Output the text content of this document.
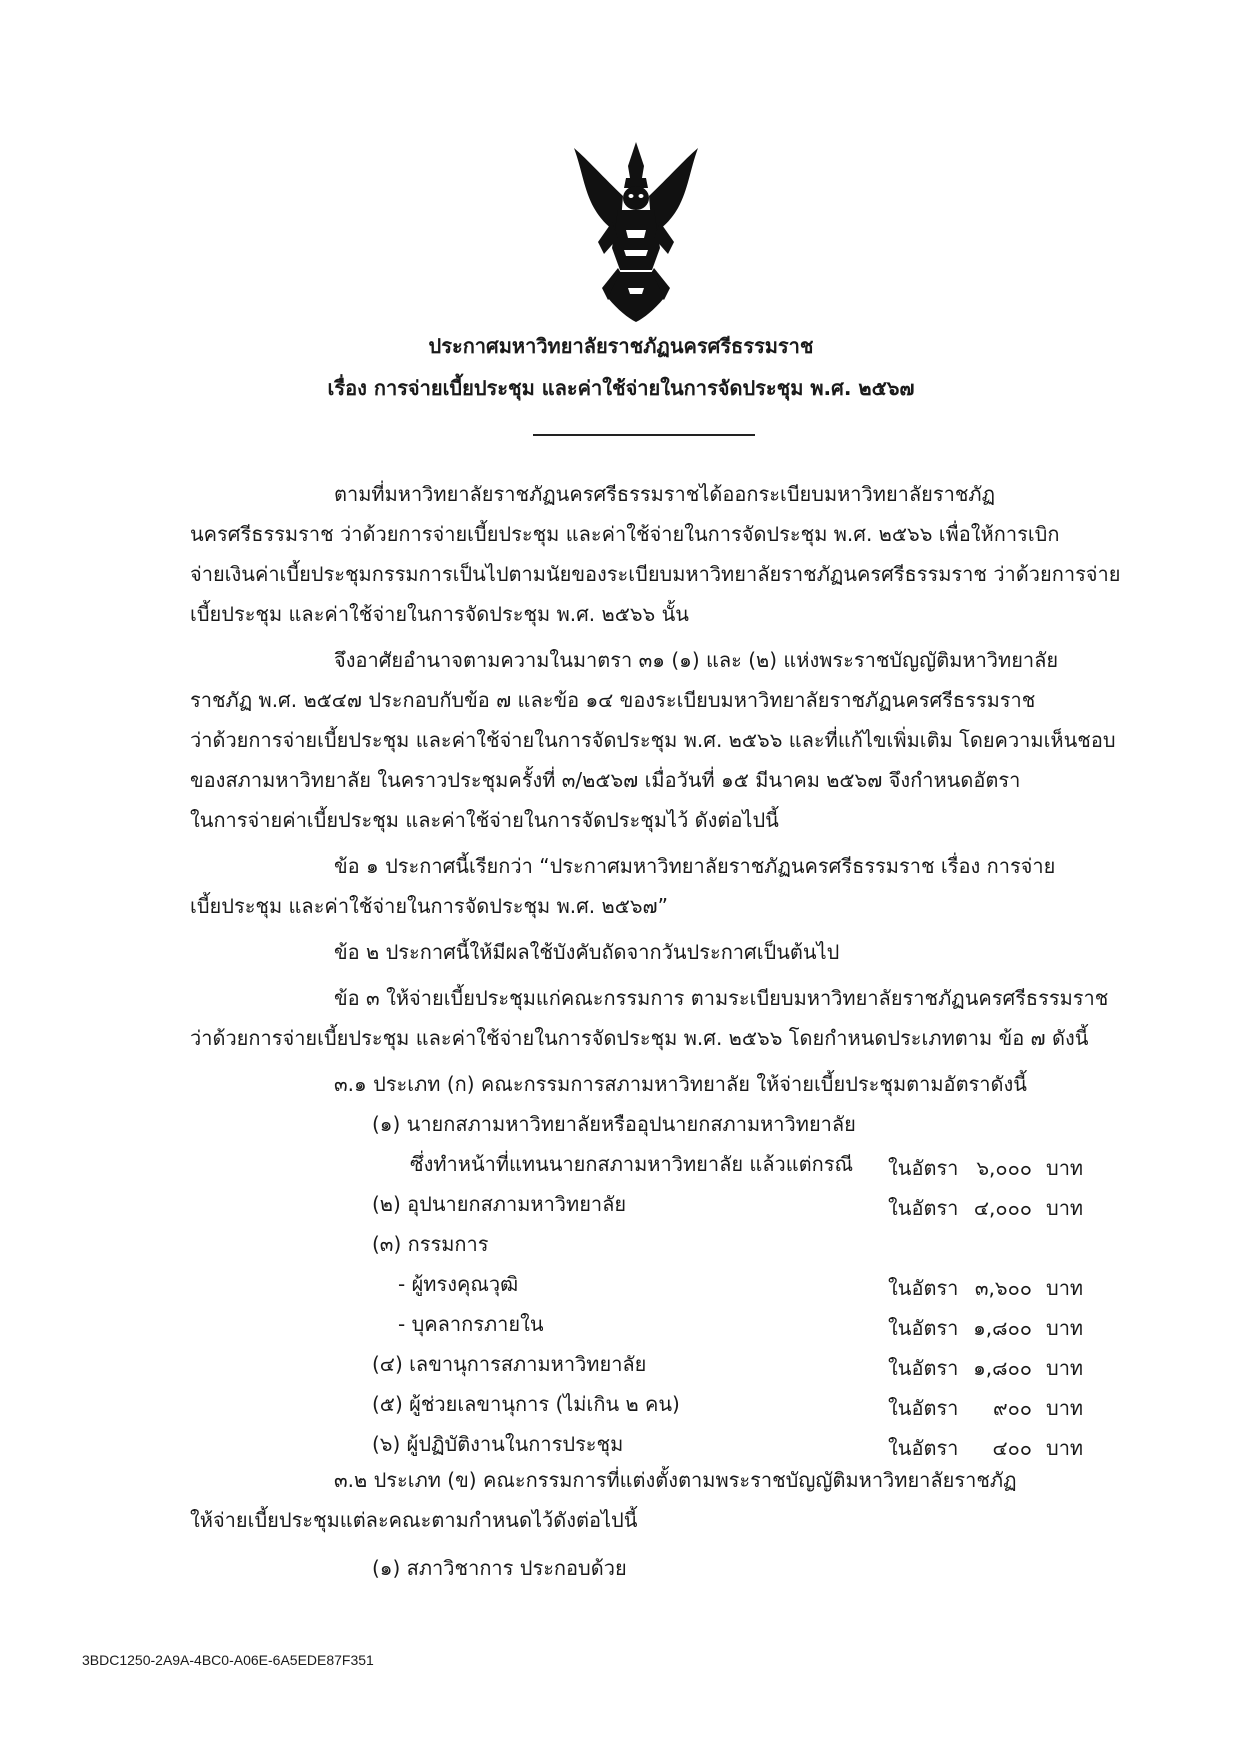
ประกาศมหาวิทยาลัยราชภัฏนครศรีธรรมราช
เรื่อง การจ่ายเบี้ยประชุม และค่าใช้จ่ายในการจัดประชุม พ.ศ. ๒๕๖๗
ตามที่มหาวิทยาลัยราชภัฏนครศรีธรรมราชได้ออกระเบียบมหาวิทยาลัยราชภัฏ
นครศรีธรรมราช ว่าด้วยการจ่ายเบี้ยประชุม และค่าใช้จ่ายในการจัดประชุม พ.ศ. ๒๕๖๖ เพื่อให้การเบิก
จ่ายเงินค่าเบี้ยประชุมกรรมการเป็นไปตามนัยของระเบียบมหาวิทยาลัยราชภัฏนครศรีธรรมราช ว่าด้วยการจ่าย
เบี้ยประชุม และค่าใช้จ่ายในการจัดประชุม พ.ศ. ๒๕๖๖ นั้น
จึงอาศัยอำนาจตามความในมาตรา ๓๑ (๑) และ (๒) แห่งพระราชบัญญัติมหาวิทยาลัย
ราชภัฏ พ.ศ. ๒๕๔๗ ประกอบกับข้อ ๗ และข้อ ๑๔ ของระเบียบมหาวิทยาลัยราชภัฏนครศรีธรรมราช
ว่าด้วยการจ่ายเบี้ยประชุม และค่าใช้จ่ายในการจัดประชุม พ.ศ. ๒๕๖๖ และที่แก้ไขเพิ่มเติม โดยความเห็นชอบ
ของสภามหาวิทยาลัย ในคราวประชุมครั้งที่ ๓/๒๕๖๗ เมื่อวันที่ ๑๕ มีนาคม ๒๕๖๗ จึงกำหนดอัตรา
ในการจ่ายค่าเบี้ยประชุม และค่าใช้จ่ายในการจัดประชุมไว้ ดังต่อไปนี้
ข้อ ๑ ประกาศนี้เรียกว่า “ประกาศมหาวิทยาลัยราชภัฏนครศรีธรรมราช เรื่อง การจ่าย
เบี้ยประชุม และค่าใช้จ่ายในการจัดประชุม พ.ศ. ๒๕๖๗”
ข้อ ๒ ประกาศนี้ให้มีผลใช้บังคับถัดจากวันประกาศเป็นต้นไป
ข้อ ๓ ให้จ่ายเบี้ยประชุมแก่คณะกรรมการ ตามระเบียบมหาวิทยาลัยราชภัฏนครศรีธรรมราช
ว่าด้วยการจ่ายเบี้ยประชุม และค่าใช้จ่ายในการจัดประชุม พ.ศ. ๒๕๖๖ โดยกำหนดประเภทตาม ข้อ ๗ ดังนี้
๓.๑ ประเภท (ก) คณะกรรมการสภามหาวิทยาลัย ให้จ่ายเบี้ยประชุมตามอัตราดังนี้
(๑) นายกสภามหาวิทยาลัยหรืออุปนายกสภามหาวิทยาลัย
ซึ่งทำหน้าที่แทนนายกสภามหาวิทยาลัย แล้วแต่กรณี ในอัตรา ๖,๐๐๐ บาท
(๒) อุปนายกสภามหาวิทยาลัย	ในอัตรา ๔,๐๐๐ บาท
(๓) กรรมการ
- ผู้ทรงคุณวุฒิ	ในอัตรา ๓,๖๐๐ บาท
- บุคลากรภายใน	ในอัตรา ๑,๘๐๐ บาท
(๔) เลขานุการสภามหาวิทยาลัย	ในอัตรา ๑,๘๐๐ บาท
(๕) ผู้ช่วยเลขานุการ (ไม่เกิน ๒ คน)	ในอัตรา	๙๐๐ บาท
(๖) ผู้ปฏิบัติงานในการประชุม	ในอัตรา	๔๐๐ บาท
๓.๒ ประเภท (ข) คณะกรรมการที่แต่งตั้งตามพระราชบัญญัติมหาวิทยาลัยราชภัฏ
ให้จ่ายเบี้ยประชุมแต่ละคณะตามกำหนดไว้ดังต่อไปนี้
(๑) สภาวิชาการ ประกอบด้วย
3BDC1250-2A9A-4BC0-A06E-6A5EDE87F351
